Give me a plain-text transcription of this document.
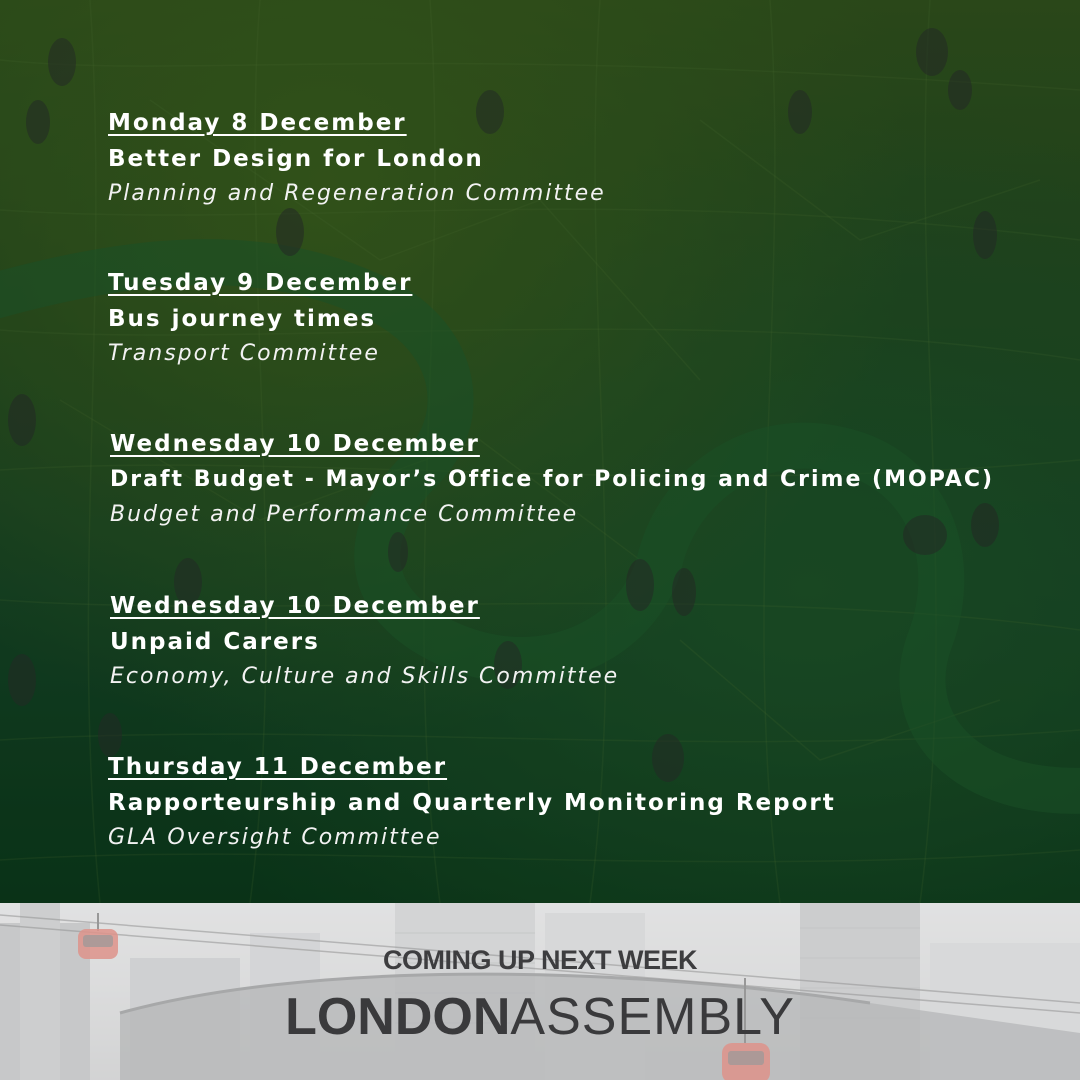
Monday 8 December
Better Design for London
Planning and Regeneration Committee
Tuesday 9 December
Bus journey times
Transport Committee
Wednesday 10 December
Draft Budget - Mayor’s Office for Policing and Crime (MOPAC)
Budget and Performance Committee
Wednesday 10 December
Unpaid Carers
Economy, Culture and Skills Committee
Thursday 11 December
Rapporteurship and Quarterly Monitoring Report
GLA Oversight Committee
COMING UP NEXT WEEK
LONDONASSEMBLY
